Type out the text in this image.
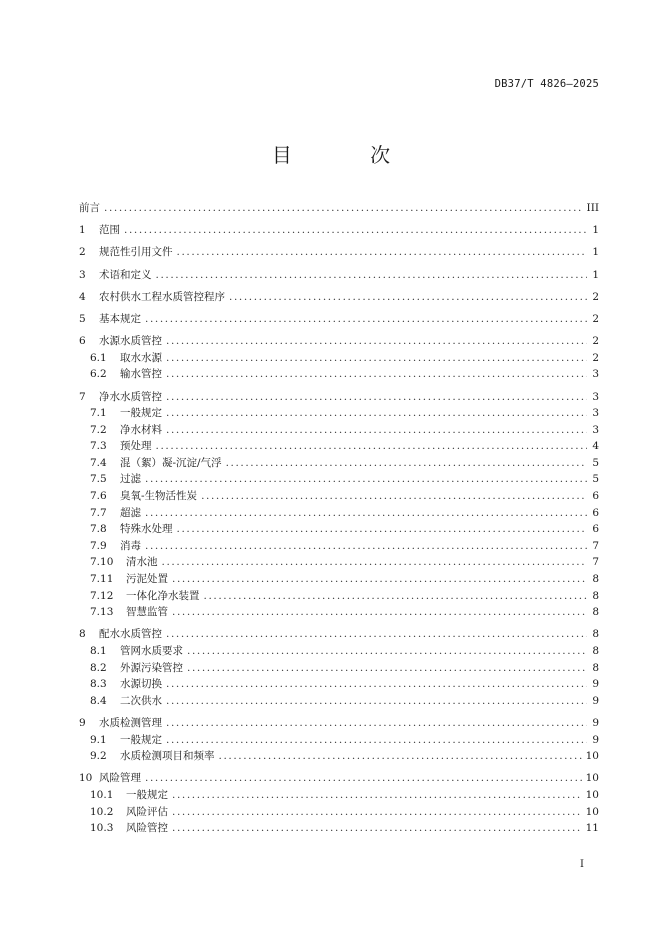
DB37/T 4826—2025
目 次
前言 .....	III
1	范围 .....	1
2	规范性引用文件 .....	1
3	术语和定义 .....	1
4	农村供水工程水质管控程序 .....	2
5	基本规定 .....	2
6	水源水质管控 .....	2
6.1	取水水源 .....	2
6.2	输水管控 .....	3
7	净水水质管控 .....	3
7.1	一般规定 .....	3
7.2	净水材料 .....	3
7.3	预处理 .....	4
7.4	混（絮）凝-沉淀/气浮 .....	5
7.5	过滤 .....	5
7.6	臭氧-生物活性炭 .....	6
7.7	超滤 .....	6
7.8	特殊水处理 .....	6
7.9	消毒 .....	7
7.10	清水池 .....	7
7.11	污泥处置 .....	8
7.12	一体化净水装置 .....	8
7.13	智慧监管 .....	8
8	配水水质管控 .....	8
8.1	管网水质要求 .....	8
8.2	外源污染管控 .....	8
8.3	水源切换 .....	9
8.4	二次供水 .....	9
9	水质检测管理 .....	9
9.1	一般规定 .....	9
9.2	水质检测项目和频率 .....	10
10 风险管理 .....	10
10.1	一般规定 .....	10
10.2	风险评估 .....	10
10.3	风险管控 .....	11
I
